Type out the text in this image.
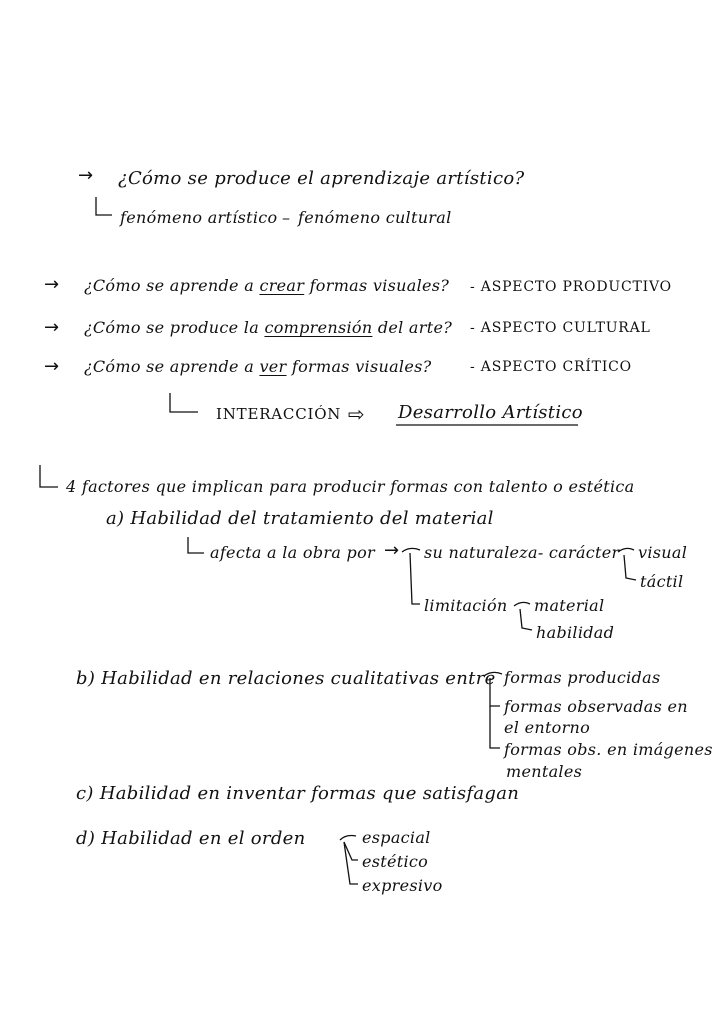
→ ¿Cómo se produce el aprendizaje artístico?
fenómeno artístico – fenómeno cultural
→ ¿Cómo se aprende a crear formas visuales? - ASPECTO PRODUCTIVO
→ ¿Cómo se produce la comprensión del arte? - ASPECTO CULTURAL
→ ¿Cómo se aprende a ver formas visuales?	- ASPECTO CRÍTICO
INTERACCIÓN ⇨ Desarrollo Artístico
4 factores que implican para producir formas con talento o estética
a) Habilidad del tratamiento del material
afecta a la obra por → su naturaleza- carácter visual
táctil
limitación material
habilidad
b) Habilidad en relaciones cualitativas entre formas producidas
formas observadas en
el entorno
formas obs. en imágenes
mentales
c) Habilidad en inventar formas que satisfagan
d) Habilidad en el orden	espacial
estético
expresivo
